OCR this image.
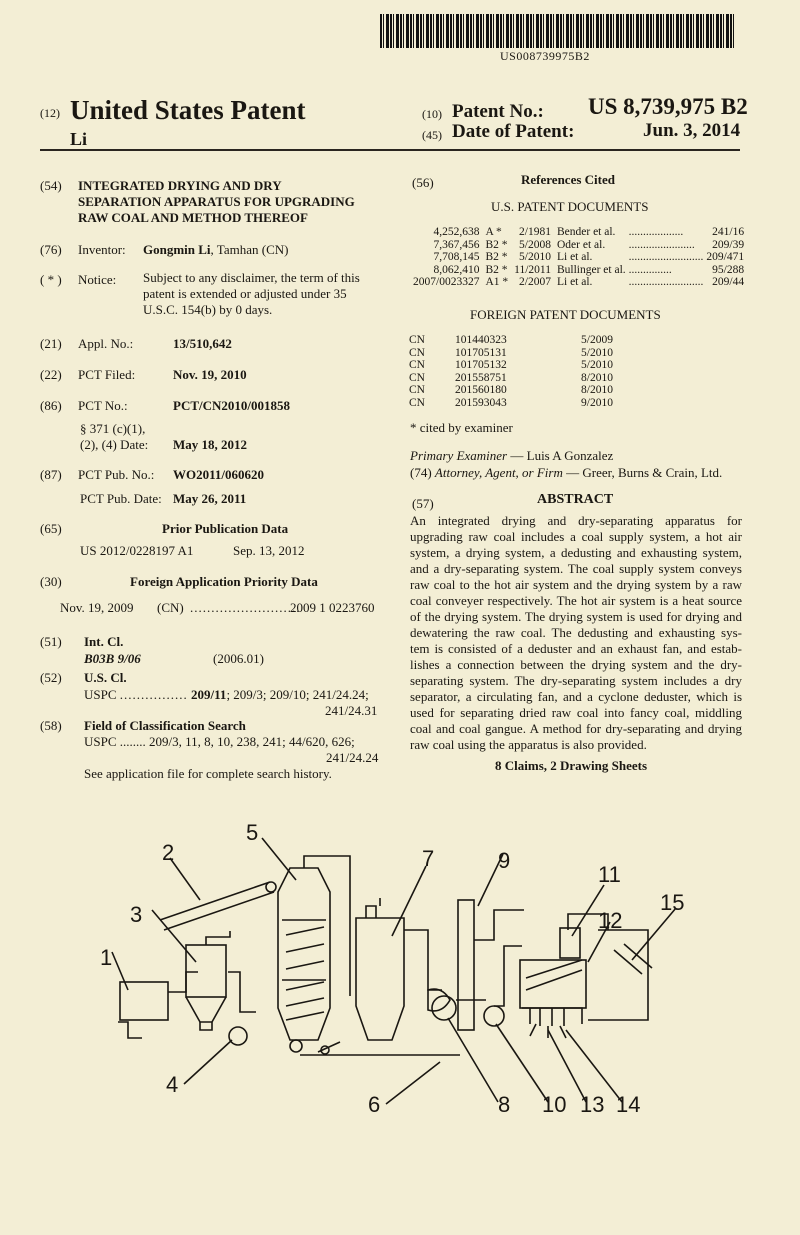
US008739975B2
(12) United States Patent
Li
(10) Patent No.: US 8,739,975 B2
(45) Date of Patent:	Jun. 3, 2014
(54) INTEGRATED DRYING AND DRY
SEPARATION APPARATUS FOR UPGRADING
RAW COAL AND METHOD THEREOF
(76) Inventor: Gongmin Li, Tamhan (CN)
( * ) Notice: Subject to any disclaimer, the term of this
patent is extended or adjusted under 35
U.S.C. 154(b) by 0 days.
(21) Appl. No.:	13/510,642
(22) PCT Filed:	Nov. 19, 2010
(86) PCT No.:	PCT/CN2010/001858
§ 371 (c)(1),
(2), (4) Date: May 18, 2012
(87) PCT Pub. No.: WO2011/060620
PCT Pub. Date: May 26, 2011
(65)	Prior Publication Data
US 2012/0228197 A1	Sep. 13, 2012
(30)	Foreign Application Priority Data
Nov. 19, 2009 (CN) ..........................
2009 1 0223760
(51) Int. Cl.
B03B 9/06	(2006.01)
(52) U.S. Cl.
USPC ................ 209/11; 209/3; 209/10; 241/24.24;
241/24.31
(58) Field of Classification Search
USPC ........ 209/3, 11, 8, 10, 238, 241; 44/620, 626;
241/24.24
See application file for complete search history.
(56)	References Cited
U.S. PATENT DOCUMENTS
4,252,638	A *	2/1981	Bender et al.	...................	241/16
7,367,456	B2 *	5/2008	Oder et al.	.......................	209/39
7,708,145	B2 *	5/2010	Li et al.	..........................	209/471
8,062,410	B2 *	11/2011	Bullinger et al.	...............	95/288
2007/0023327	A1 *	2/2007	Li et al.	..........................	209/44
FOREIGN PATENT DOCUMENTS
CN	101440323	5/2009
CN	101705131	5/2010
CN	101705132	5/2010
CN	201558751	8/2010
CN	201560180	8/2010
CN	201593043	9/2010
* cited by examiner
Primary Examiner — Luis A Gonzalez
(74) Attorney, Agent, or Firm — Greer, Burns & Crain, Ltd.
(57)	ABSTRACT
An integrated drying and dry-separating apparatus for
upgrading raw coal includes a coal supply system, a hot air
system, a drying system, a dedusting and exhausting system,
and a dry-separating system. The coal supply system conveys
raw coal to the hot air system and the drying system by a raw
coal conveyer respectively. The hot air system is a heat source
of the drying system. The drying system is used for drying and
dewatering the raw coal. The dedusting and exhausting sys-
tem is consisted of a deduster and an exhaust fan, and estab-
lishes a connection between the drying system and the dry-
separating system. The dry-separating system includes a dry
separator, a circulating fan, and a cyclone deduster, which is
used for separating dried raw coal into fancy coal, middling
coal and coal gangue. A method for dry-separating and drying
raw coal using the apparatus is also provided.
8 Claims, 2 Drawing Sheets
1
2
3
4
5
6
7
8
9
10
11
12
13 14
15
